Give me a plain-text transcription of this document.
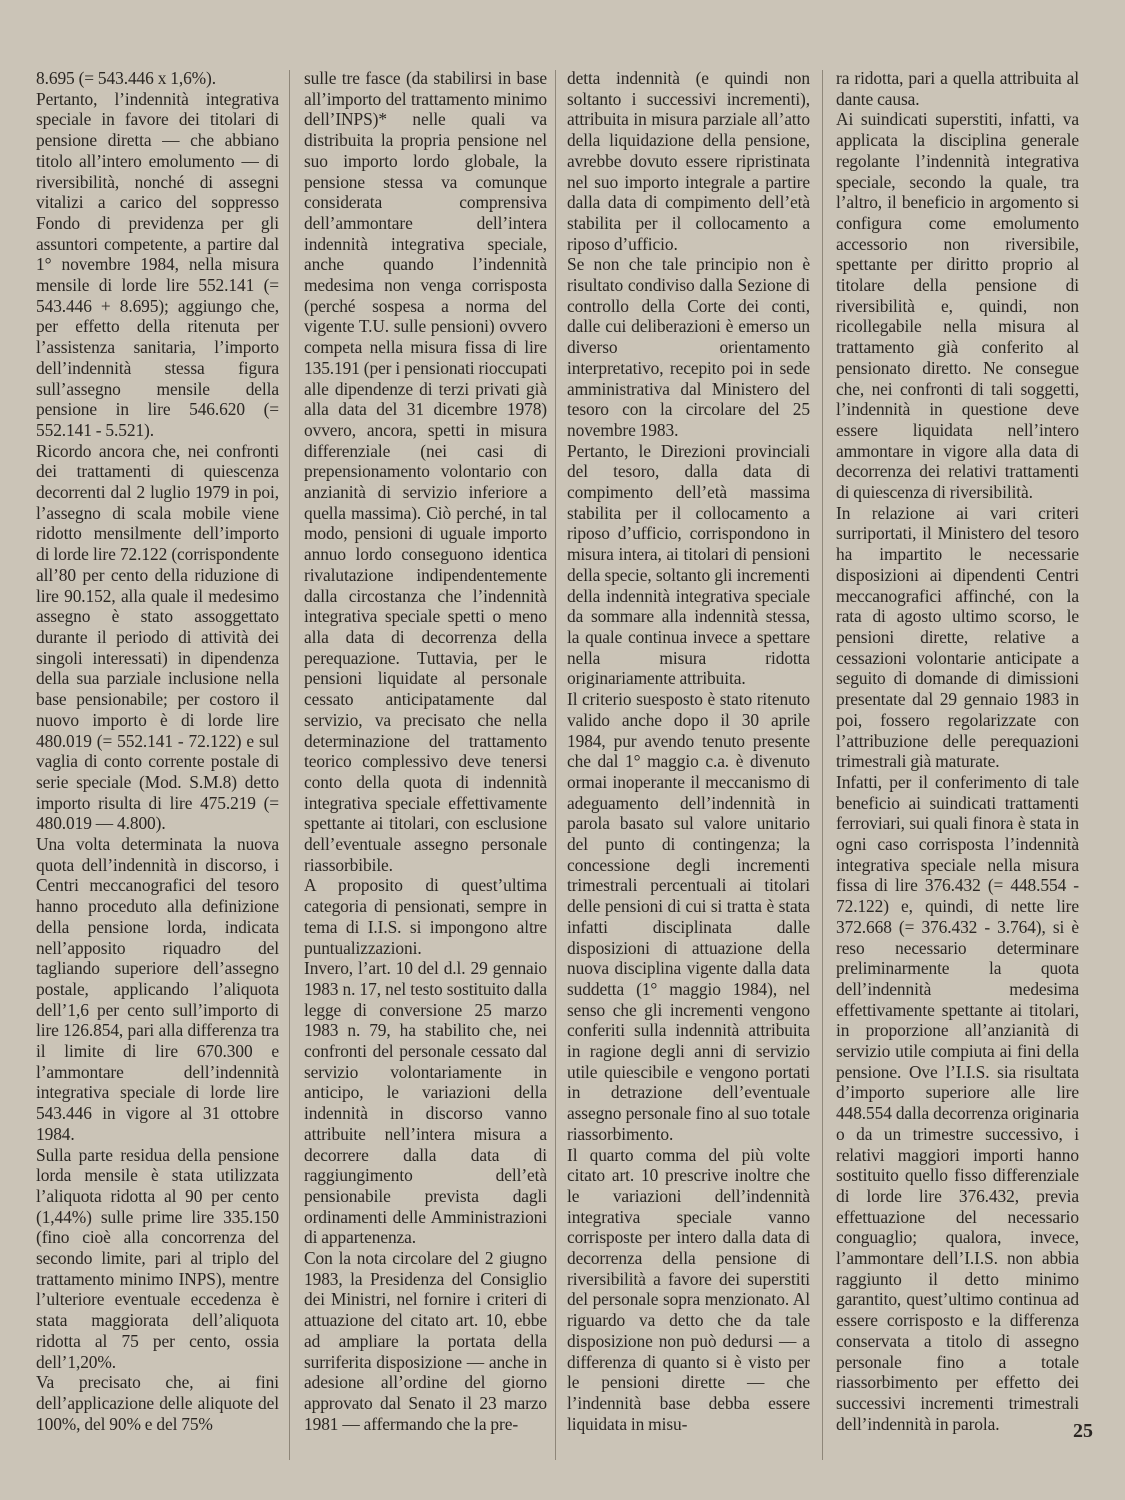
8.695 (= 543.446 x 1,6%).

Pertanto, l’indennità integrativa speciale in favore dei titolari di pensione diretta — che abbiano titolo all’intero emolumento — di riversibilità, nonché di assegni vitalizi a carico del soppresso Fondo di previdenza per gli assuntori competente, a partire dal 1° novembre 1984, nella misura mensile di lorde lire 552.141 (= 543.446 + 8.695); aggiungo che, per effetto della ritenuta per l’assistenza sanitaria, l’importo dell’indennità stessa figura sull’assegno mensile della pensione in lire 546.620 (= 552.141 - 5.521).

Ricordo ancora che, nei confronti dei trattamenti di quiescenza decorrenti dal 2 luglio 1979 in poi, l’assegno di scala mobile viene ridotto mensilmente dell’importo di lorde lire 72.122 (corrispondente all’80 per cento della riduzione di lire 90.152, alla quale il medesimo assegno è stato assoggettato durante il periodo di attività dei singoli interessati) in dipendenza della sua parziale inclusione nella base pensionabile; per costoro il nuovo importo è di lorde lire 480.019 (= 552.141 - 72.122) e sul vaglia di conto corrente postale di serie speciale (Mod. S.M.8) detto importo risulta di lire 475.219 (= 480.019 — 4.800).

Una volta determinata la nuova quota dell’indennità in discorso, i Centri meccanografici del tesoro hanno proceduto alla definizione della pensione lorda, indicata nell’apposito riquadro del tagliando superiore dell’assegno postale, applicando l’aliquota dell’1,6 per cento sull’importo di lire 126.854, pari alla differenza tra il limite di lire 670.300 e l’ammontare dell’indennità integrativa speciale di lorde lire 543.446 in vigore al 31 ottobre 1984.

Sulla parte residua della pensione lorda mensile è stata utilizzata l’aliquota ridotta al 90 per cento (1,44%) sulle prime lire 335.150 (fino cioè alla concorrenza del secondo limite, pari al triplo del trattamento minimo INPS), mentre l’ulteriore eventuale eccedenza è stata maggiorata dell’aliquota ridotta al 75 per cento, ossia dell’1,20%.

Va precisato che, ai fini dell’applicazione delle aliquote del 100%, del 90% e del 75%

sulle tre fasce (da stabilirsi in base all’importo del trattamento minimo dell’INPS)* nelle quali va distribuita la propria pensione nel suo importo lordo globale, la pensione stessa va comunque considerata comprensiva dell’ammontare dell’intera indennità integrativa speciale, anche quando l’indennità medesima non venga corrisposta (perché sospesa a norma del vigente T.U. sulle pensioni) ovvero competa nella misura fissa di lire 135.191 (per i pensionati rioccupati alle dipendenze di terzi privati già alla data del 31 dicembre 1978) ovvero, ancora, spetti in misura differenziale (nei casi di prepensionamento volontario con anzianità di servizio inferiore a quella massima). Ciò perché, in tal modo, pensioni di uguale importo annuo lordo conseguono identica rivalutazione indipendentemente dalla circostanza che l’indennità integrativa speciale spetti o meno alla data di decorrenza della perequazione. Tuttavia, per le pensioni liquidate al personale cessato anticipatamente dal servizio, va precisato che nella determinazione del trattamento teorico complessivo deve tenersi conto della quota di indennità integrativa speciale effettivamente spettante ai titolari, con esclusione dell’eventuale assegno personale riassorbibile.

A proposito di quest’ultima categoria di pensionati, sempre in tema di I.I.S. si impongono altre puntualizzazioni.

Invero, l’art. 10 del d.l. 29 gennaio 1983 n. 17, nel testo sostituito dalla legge di conversione 25 marzo 1983 n. 79, ha stabilito che, nei confronti del personale cessato dal servizio volontariamente in anticipo, le variazioni della indennità in discorso vanno attribuite nell’intera misura a decorrere dalla data di raggiungimento dell’età pensionabile prevista dagli ordinamenti delle Amministrazioni di appartenenza.

Con la nota circolare del 2 giugno 1983, la Presidenza del Consiglio dei Ministri, nel fornire i criteri di attuazione del citato art. 10, ebbe ad ampliare la portata della surriferita disposizione — anche in adesione all’ordine del giorno approvato dal Senato il 23 marzo 1981 — affermando che la pre-

detta indennità (e quindi non soltanto i successivi incrementi), attribuita in misura parziale all’atto della liquidazione della pensione, avrebbe dovuto essere ripristinata nel suo importo integrale a partire dalla data di compimento dell’età stabilita per il collocamento a riposo d’ufficio.

Se non che tale principio non è risultato condiviso dalla Sezione di controllo della Corte dei conti, dalle cui deliberazioni è emerso un diverso orientamento interpretativo, recepito poi in sede amministrativa dal Ministero del tesoro con la circolare del 25 novembre 1983.

Pertanto, le Direzioni provinciali del tesoro, dalla data di compimento dell’età massima stabilita per il collocamento a riposo d’ufficio, corrispondono in misura intera, ai titolari di pensioni della specie, soltanto gli incrementi della indennità integrativa speciale da sommare alla indennità stessa, la quale continua invece a spettare nella misura ridotta originariamente attribuita.

Il criterio suesposto è stato ritenuto valido anche dopo il 30 aprile 1984, pur avendo tenuto presente che dal 1° maggio c.a. è divenuto ormai inoperante il meccanismo di adeguamento dell’indennità in parola basato sul valore unitario del punto di contingenza; la concessione degli incrementi trimestrali percentuali ai titolari delle pensioni di cui si tratta è stata infatti disciplinata dalle disposizioni di attuazione della nuova disciplina vigente dalla data suddetta (1° maggio 1984), nel senso che gli incrementi vengono conferiti sulla indennità attribuita in ragione degli anni di servizio utile quiescibile e vengono portati in detrazione dell’eventuale assegno personale fino al suo totale riassorbimento.

Il quarto comma del più volte citato art. 10 prescrive inoltre che le variazioni dell’indennità integrativa speciale vanno corrisposte per intero dalla data di decorrenza della pensione di riversibilità a favore dei superstiti del personale sopra menzionato. Al riguardo va detto che da tale disposizione non può dedursi — a differenza di quanto si è visto per le pensioni dirette — che l’indennità base debba essere liquidata in misu-

ra ridotta, pari a quella attribuita al dante causa.

Ai suindicati superstiti, infatti, va applicata la disciplina generale regolante l’indennità integrativa speciale, secondo la quale, tra l’altro, il beneficio in argomento si configura come emolumento accessorio non riversibile, spettante per diritto proprio al titolare della pensione di riversibilità e, quindi, non ricollegabile nella misura al trattamento già conferito al pensionato diretto. Ne consegue che, nei confronti di tali soggetti, l’indennità in questione deve essere liquidata nell’intero ammontare in vigore alla data di decorrenza dei relativi trattamenti di quiescenza di riversibilità.

In relazione ai vari criteri surriportati, il Ministero del tesoro ha impartito le necessarie disposizioni ai dipendenti Centri meccanografici affinché, con la rata di agosto ultimo scorso, le pensioni dirette, relative a cessazioni volontarie anticipate a seguito di domande di dimissioni presentate dal 29 gennaio 1983 in poi, fossero regolarizzate con l’attribuzione delle perequazioni trimestrali già maturate.

Infatti, per il conferimento di tale beneficio ai suindicati trattamenti ferroviari, sui quali finora è stata in ogni caso corrisposta l’indennità integrativa speciale nella misura fissa di lire 376.432 (= 448.554 - 72.122) e, quindi, di nette lire 372.668 (= 376.432 - 3.764), si è reso necessario determinare preliminarmente la quota dell’indennità medesima effettivamente spettante ai titolari, in proporzione all’anzianità di servizio utile compiuta ai fini della pensione. Ove l’I.I.S. sia risultata d’importo superiore alle lire 448.554 dalla decorrenza originaria o da un trimestre successivo, i relativi maggiori importi hanno sostituito quello fisso differenziale di lorde lire 376.432, previa effettuazione del necessario conguaglio; qualora, invece, l’ammontare dell’I.I.S. non abbia raggiunto il detto minimo garantito, quest’ultimo continua ad essere corrisposto e la differenza conservata a titolo di assegno personale fino a totale riassorbimento per effetto dei successivi incrementi trimestrali dell’indennità in parola.	25
